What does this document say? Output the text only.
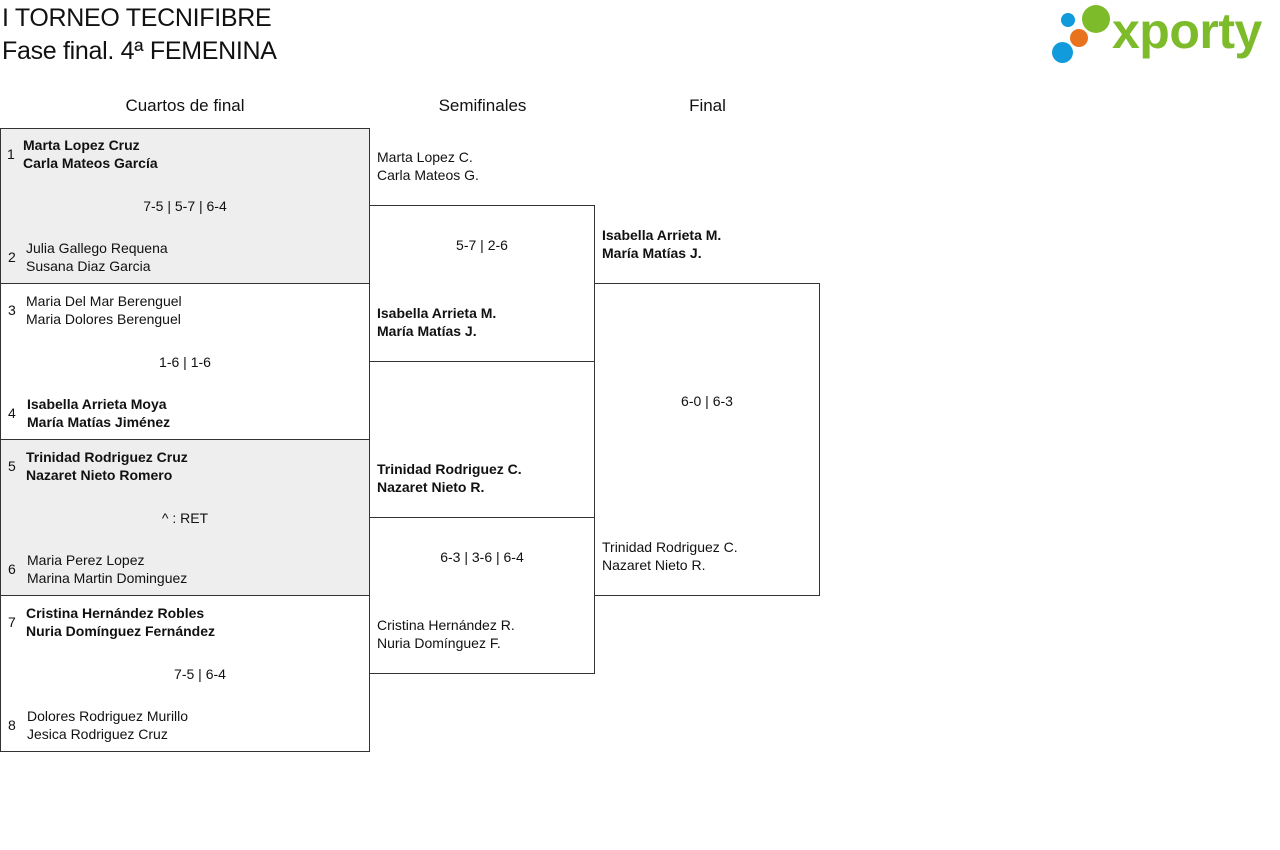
I TORNEO TECNIFIBRE
Fase final. 4ª FEMENINA	xporty
Cuartos de final	Semifinales	Final
1
Marta Lopez Cruz
Carla Mateos García
7-5 | 5-7 | 6-4
2
Julia Gallego Requena
Susana Diaz Garcia
3
Maria Del Mar Berenguel
Maria Dolores Berenguel
1-6 | 1-6
4
Isabella Arrieta Moya
María Matías Jiménez
5
Trinidad Rodriguez Cruz
Nazaret Nieto Romero
^ : RET
6
Maria Perez Lopez
Marina Martin Dominguez
7
Cristina Hernández Robles
Nuria Domínguez Fernández
7-5 | 6-4
8
Dolores Rodriguez Murillo
Jesica Rodriguez Cruz
Marta Lopez C.
Carla Mateos G.
5-7 | 2-6
Isabella Arrieta M.
María Matías J.
Trinidad Rodriguez C.
Nazaret Nieto R.
6-3 | 3-6 | 6-4
Cristina Hernández R.
Nuria Domínguez F.
Isabella Arrieta M.
María Matías J.
6-0 | 6-3
Trinidad Rodriguez C.
Nazaret Nieto R.
